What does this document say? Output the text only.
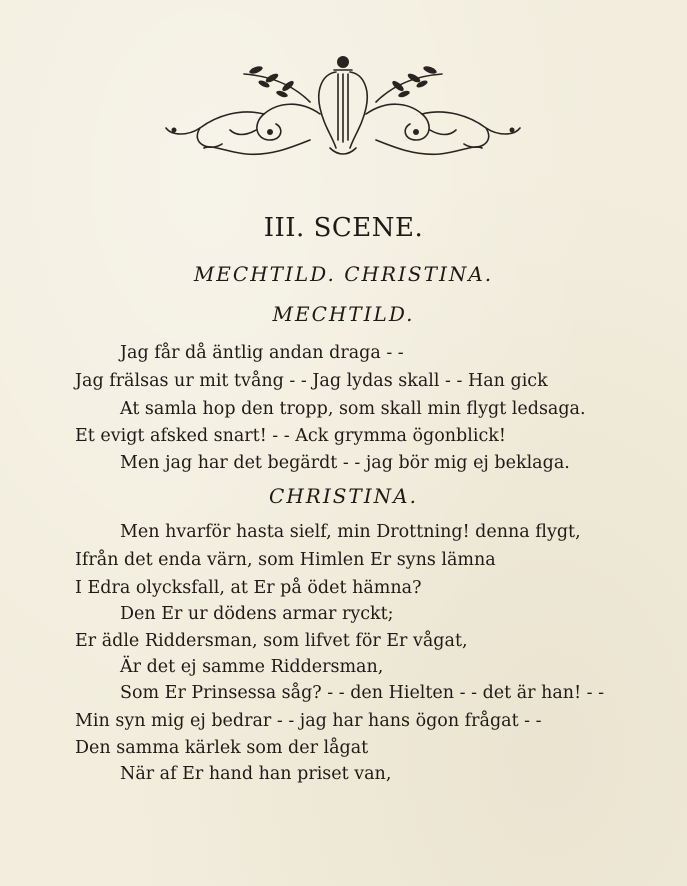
III. SCENE.
MECHTILD. CHRISTINA.
MECHTILD.
Jag får då äntlig andan draga - -
Jag frälsas ur mit tvång - - Jag lydas skall - - Han gick
At samla hop den tropp, som skall min flygt ledsaga.
Et evigt afsked snart! - - Ack grymma ögonblick!
Men jag har det begärdt - - jag bör mig ej beklaga.
CHRISTINA.
Men hvarför hasta sielf, min Drottning! denna flygt,
Ifrån det enda värn, som Himlen Er syns lämna
I Edra olycksfall, at Er på ödet hämna?
Den Er ur dödens armar ryckt;
Er ädle Riddersman, som lifvet för Er vågat,
Är det ej samme Riddersman,
Som Er Prinsessa såg? - - den Hielten - - det är han! - -
Min syn mig ej bedrar - - jag har hans ögon frågat - -
Den samma kärlek som der lågat
När af Er hand han priset van,
